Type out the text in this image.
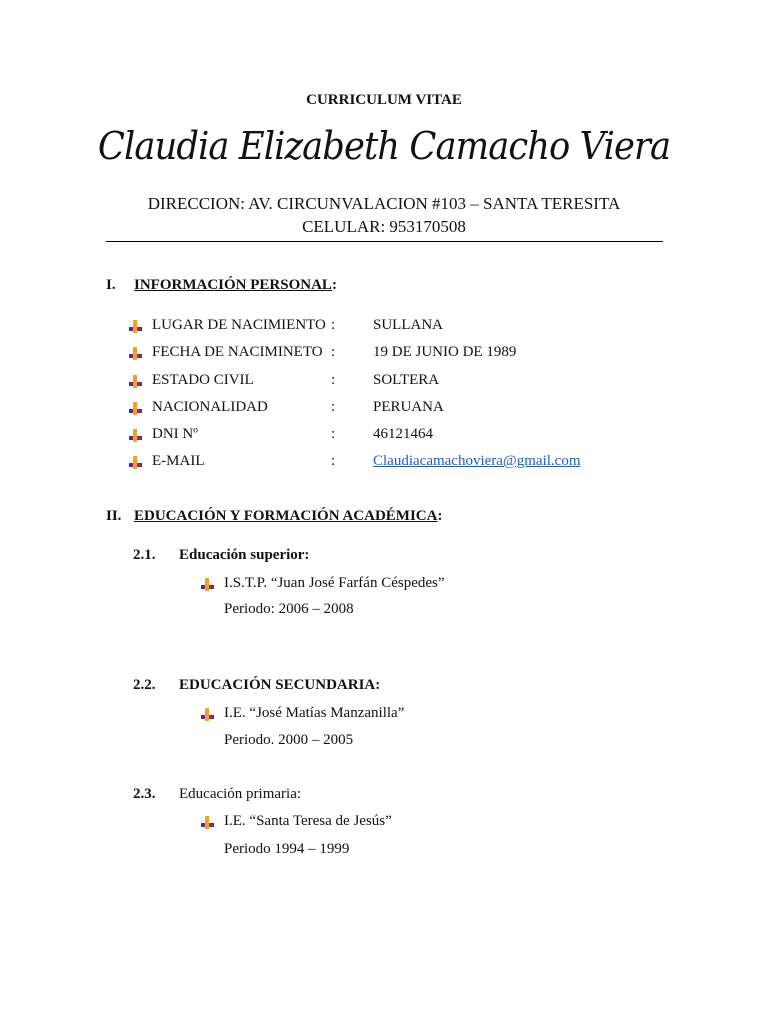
CURRICULUM VITAE
Claudia Elizabeth Camacho Viera
DIRECCION: AV. CIRCUNVALACION #103 – SANTA TERESITA
CELULAR: 953170508
I. INFORMACIÓN PERSONAL:
LUGAR DE NACIMIENTO :	SULLANA
FECHA DE NACIMINETO :	19 DE JUNIO DE 1989
ESTADO CIVIL	:	SOLTERA
NACIONALIDAD	:	PERUANA
DNI Nº	:	46121464
E-MAIL	:	Claudiacamachoviera@gmail.com
II. EDUCACIÓN Y FORMACIÓN ACADÉMICA:
2.1. Educación superior:
I.S.T.P. “Juan José Farfán Céspedes”
Periodo: 2006 – 2008
2.2. EDUCACIÓN SECUNDARIA:
I.E. “José Matías Manzanilla”
Periodo. 2000 – 2005
2.3. Educación primaria:
I.E. “Santa Teresa de Jesús”
Periodo 1994 – 1999
